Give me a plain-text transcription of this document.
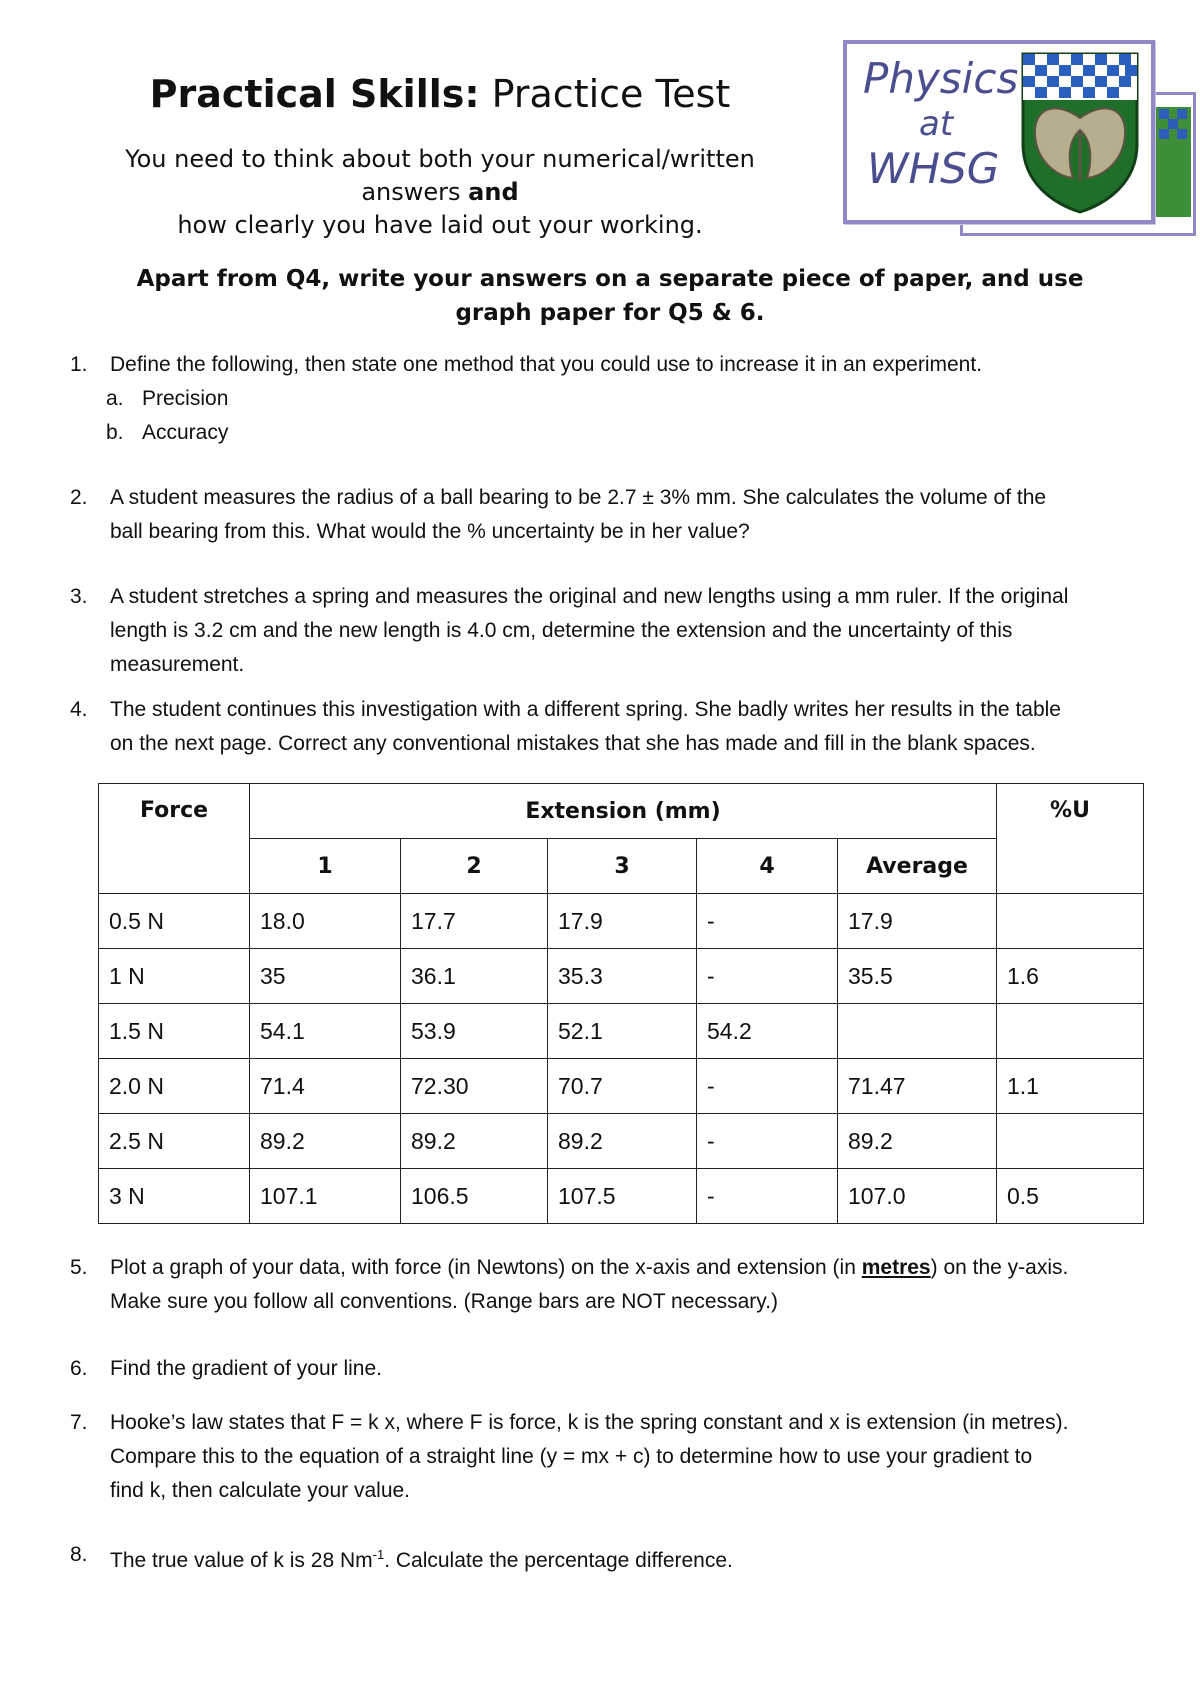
Practical Skills: Practice Test
You need to think about both your numerical/written
answers and
how clearly you have laid out your working.
Apart from Q4, write your answers on a separate piece of paper, and use
graph paper for Q5 & 6.
Physics
at
WHSG
1.	Define the following, then state one method that you could use to increase it in an experiment.
a. Precision
b. Accuracy
2.	A student measures the radius of a ball bearing to be 2.7 ± 3% mm. She calculates the volume of the
ball bearing from this. What would the % uncertainty be in her value?
3.	A student stretches a spring and measures the original and new lengths using a mm ruler. If the original
length is 3.2 cm and the new length is 4.0 cm, determine the extension and the uncertainty of this
measurement.
4.	The student continues this investigation with a different spring. She badly writes her results in the table
on the next page. Correct any conventional mistakes that she has made and fill in the blank spaces.
Force	Extension (mm)					%U
	1	2	3	4	Average	
0.5 N	18.0	17.7	17.9	-	17.9	
1 N	35	36.1	35.3	-	35.5	1.6
1.5 N	54.1	53.9	52.1	54.2		
2.0 N	71.4	72.30	70.7	-	71.47	1.1
2.5 N	89.2	89.2	89.2	-	89.2	
3 N	107.1	106.5	107.5	-	107.0	0.5
5.	Plot a graph of your data, with force (in Newtons) on the x-axis and extension (in metres) on the y-axis.
Make sure you follow all conventions. (Range bars are NOT necessary.)
6.	Find the gradient of your line.
7.	Hooke’s law states that F = k x, where F is force, k is the spring constant and x is extension (in metres).
Compare this to the equation of a straight line (y = mx + c) to determine how to use your gradient to
find k, then calculate your value.
8.	The true value of k is 28 $Nm^{-1}$. Calculate the percentage difference.
